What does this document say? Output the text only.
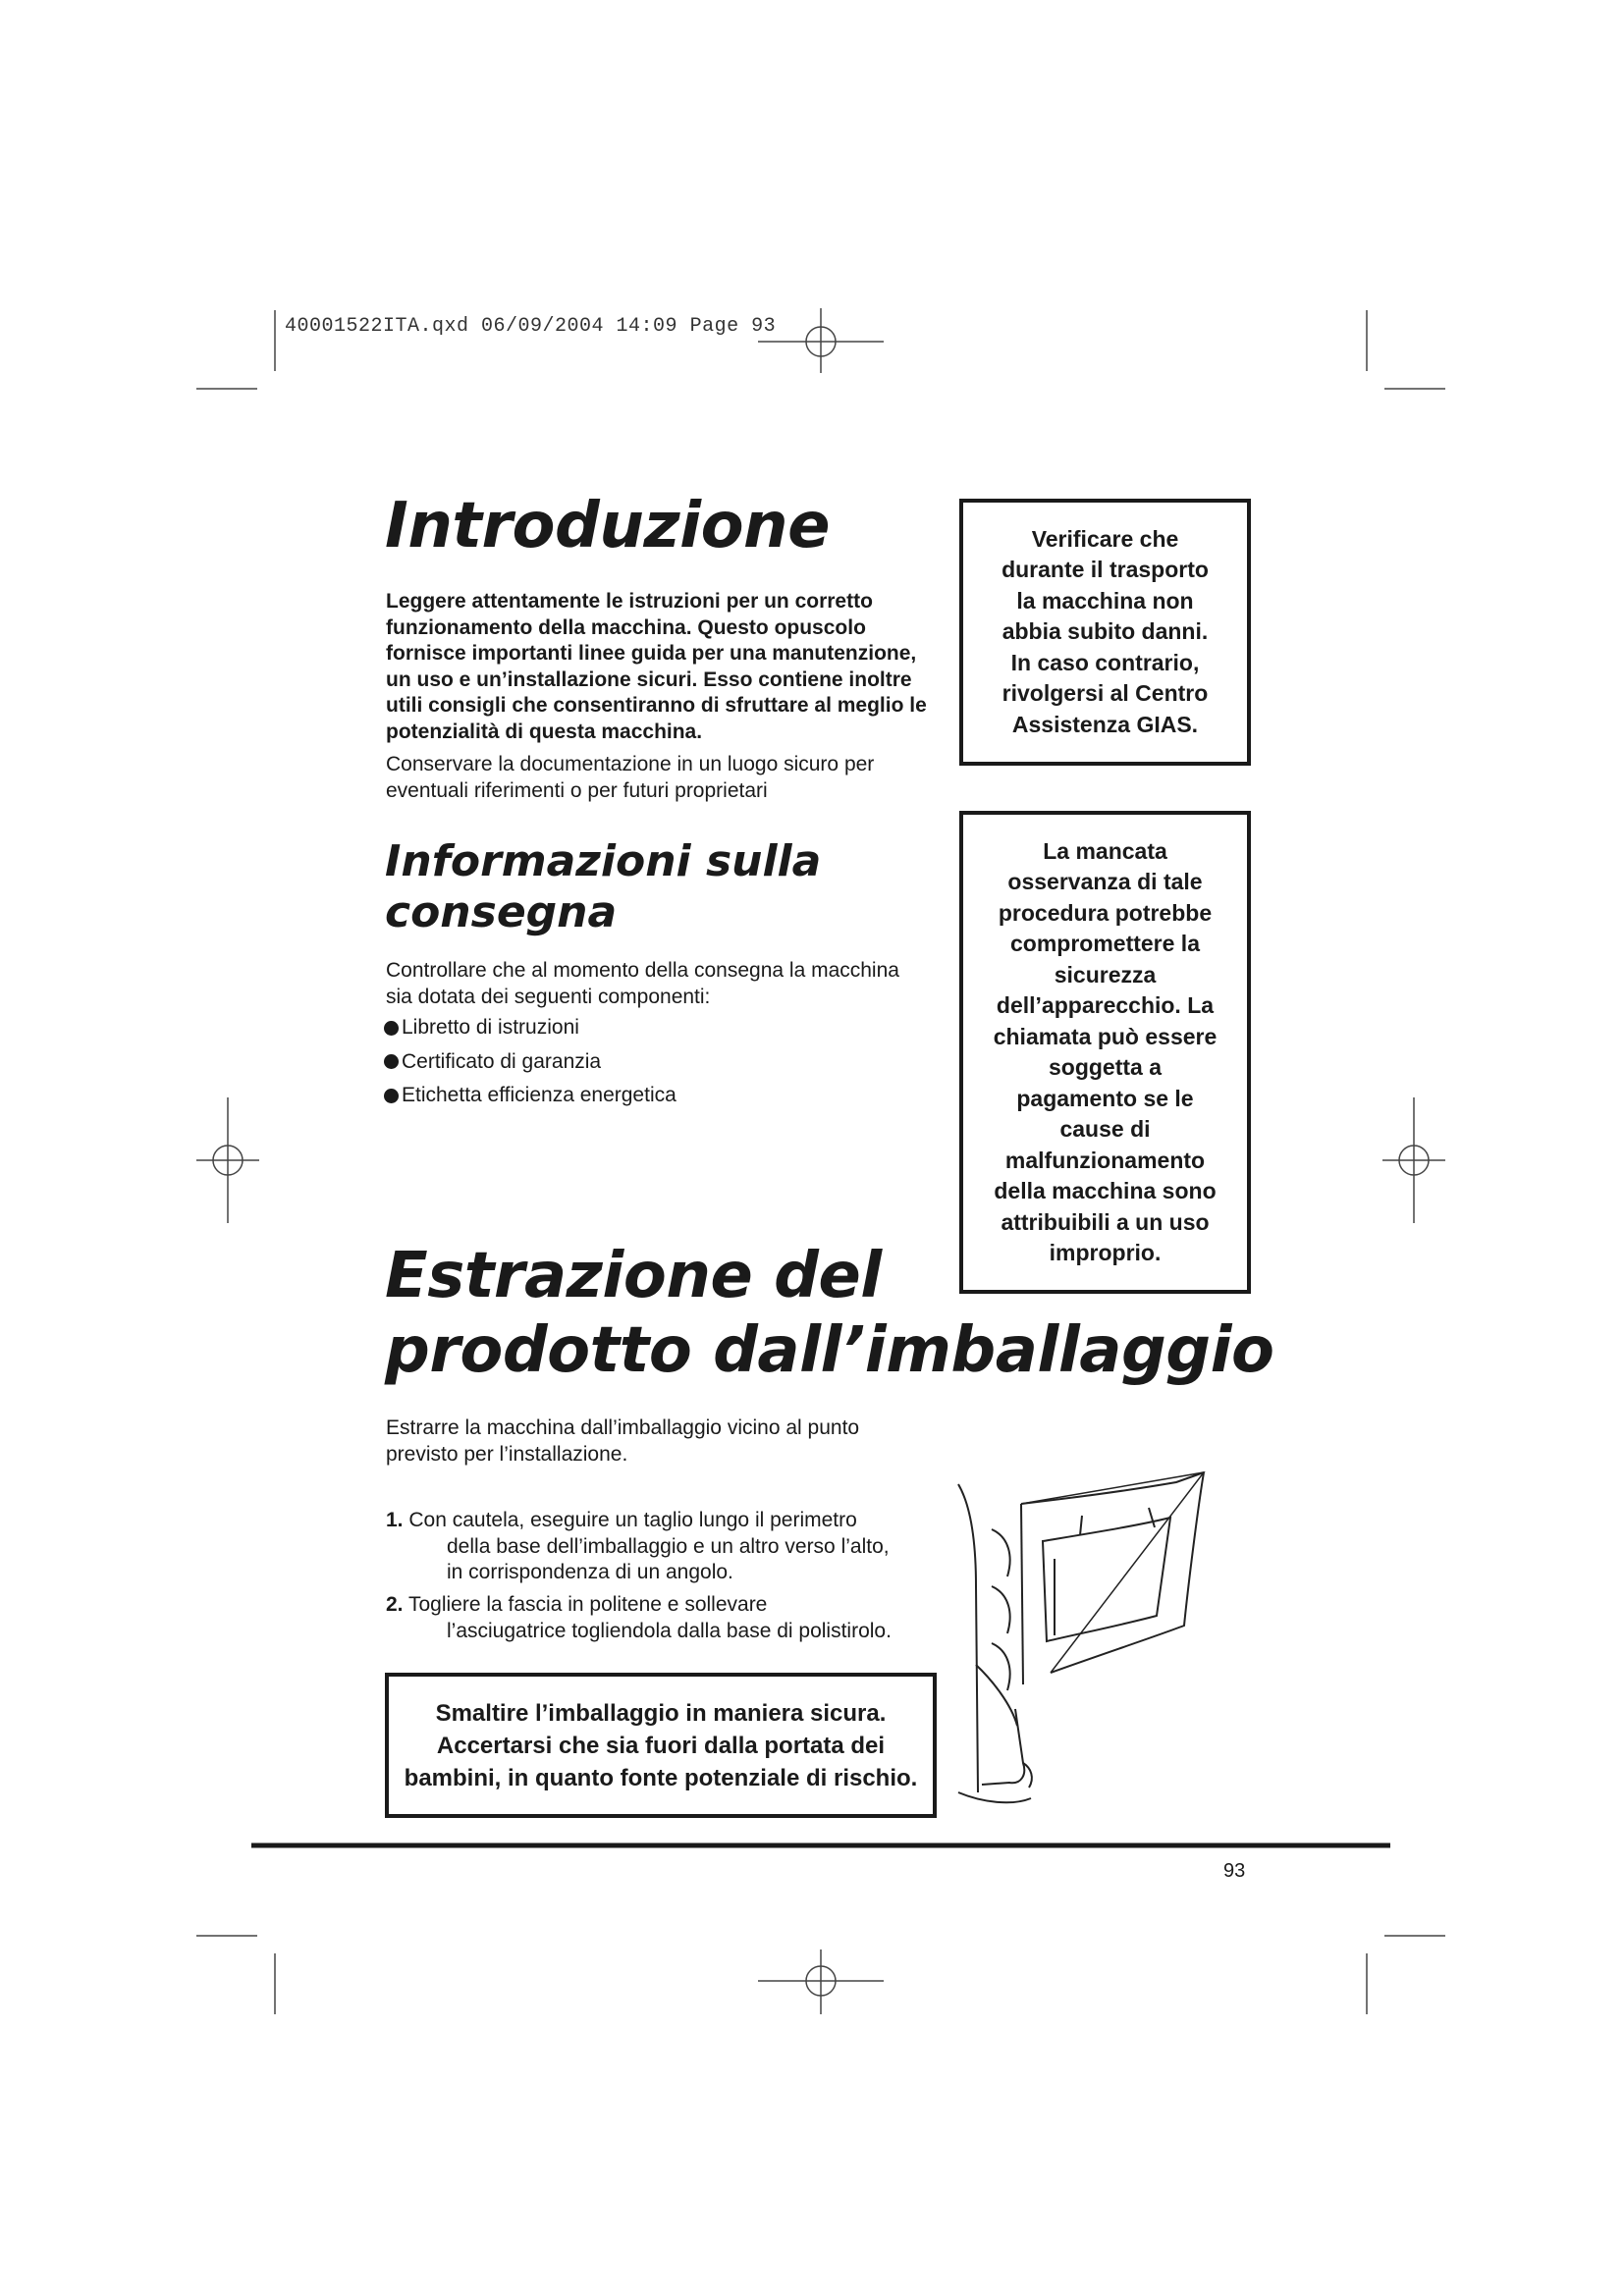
40001522ITA.qxd 06/09/2004 14:09 Page 93
Introduzione
Leggere attentamente le istruzioni per un corretto
funzionamento della macchina. Questo opuscolo
fornisce importanti linee guida per una manutenzione,
un uso e un’installazione sicuri. Esso contiene inoltre
utili consigli che consentiranno di sfruttare al meglio le
potenzialità di questa macchina.
Conservare la documentazione in un luogo sicuro per
eventuali riferimenti o per futuri proprietari
Informazioni sulla
consegna
Controllare che al momento della consegna la macchina
sia dotata dei seguenti componenti:
Libretto di istruzioni
Certificato di garanzia
Etichetta efficienza energetica
Verificare che
durante il trasporto
la macchina non
abbia subito danni.
In caso contrario,
rivolgersi al Centro
Assistenza GIAS.
La mancata
osservanza di tale
procedura potrebbe
compromettere la
sicurezza
dell’apparecchio. La
chiamata può essere
soggetta a
pagamento se le
cause di
malfunzionamento
della macchina sono
attribuibili a un uso
improprio.
Estrazione del
prodotto dall’imballaggio
Estrarre la macchina dall’imballaggio vicino al punto
previsto per l’installazione.
1. Con cautela, eseguire un taglio lungo il perimetro
della base dell’imballaggio e un altro verso l’alto,
in corrispondenza di un angolo.
2. Togliere la fascia in politene e sollevare
l’asciugatrice togliendola dalla base di polistirolo.
Smaltire l’imballaggio in maniera sicura.
Accertarsi che sia fuori dalla portata dei
bambini, in quanto fonte potenziale di rischio.
93
